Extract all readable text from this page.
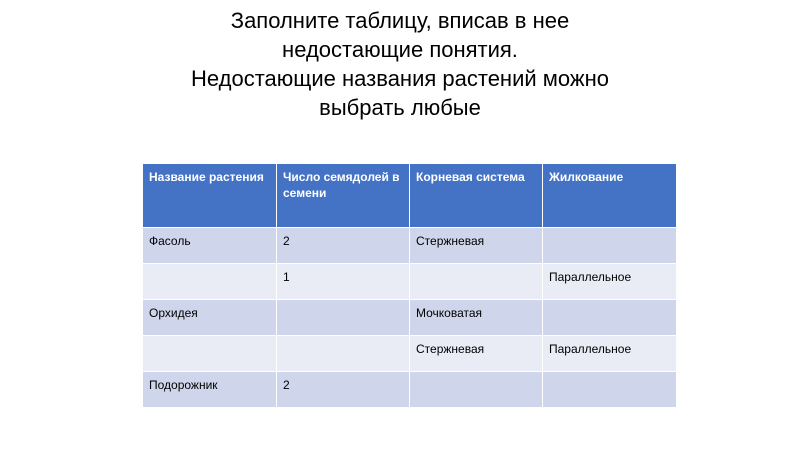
Заполните таблицу, вписав в нее
недостающие понятия.
Недостающие названия растений можно
выбрать любые
Название растения	Число семядолей в семени	Корневая система	Жилкование
Фасоль	2	Стержневая	
	1		Параллельное
Орхидея		Мочковатая	
		Стержневая	Параллельное
Подорожник	2		
